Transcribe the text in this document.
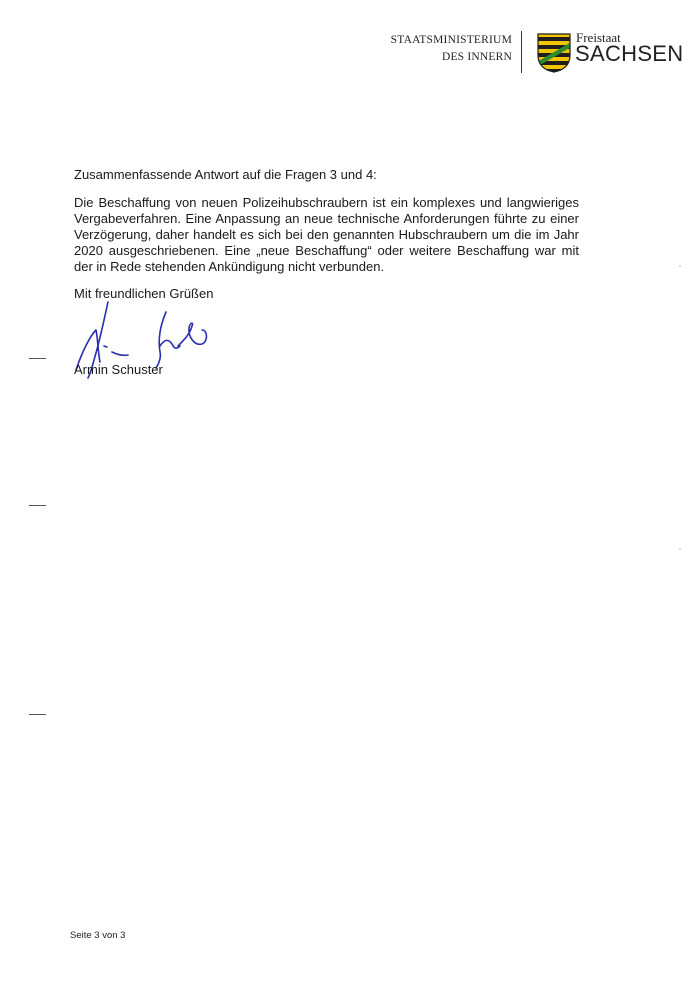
STAATSMINISTERIUM
DES INNERN
Freistaat
SACHSEN
Zusammenfassende Antwort auf die Fragen 3 und 4:
Die Beschaffung von neuen Polizeihubschraubern ist ein komplexes und langwieriges Vergabeverfahren. Eine Anpassung an neue technische Anforderungen führte zu einer Verzögerung, daher handelt es sich bei den genannten Hubschraubern um die im Jahr 2020 ausgeschriebenen. Eine „neue Beschaffung“ oder weitere Beschaffung war mit der in Rede stehenden Ankündigung nicht verbunden.
Mit freundlichen Grüßen
Armin Schuster
Seite 3 von 3
